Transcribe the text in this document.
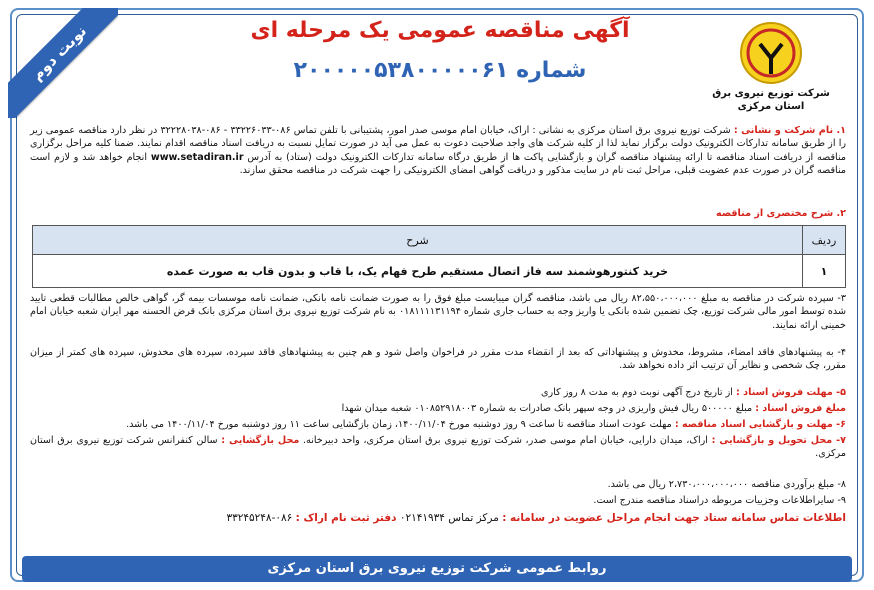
نوبت دوم	آگهی مناقصه عمومی یک مرحله ای
شماره ۲۰۰۰۰۰۵۳۸۰۰۰۰۰۶۱
شرکت توزیع نیروی برق
استان مرکزی
۱. نام شرکت و نشانی : شرکت توزیع نیروی برق استان مرکزی به نشانی : اراک، خیابان امام موسی صدر امور، پشتیبانی با تلفن تماس ۰۸۶-۳۳۲۲۶۰۳۳ - ۰۸۶-۳۲۲۲۸۰۳۸ در نظر دارد مناقصه عمومی زیر را از طریق سامانه تدارکات الکترونیک دولت برگزار نماید لذا از کلیه شرکت های واجد صلاحیت دعوت به عمل می آید در صورت تمایل نسبت به دریافت اسناد مناقصه اقدام نمایند. ضمنا کلیه مراحل برگزاری مناقصه از دریافت اسناد مناقصه تا ارائه پیشنهاد مناقصه گران و بازگشایی پاکت ها از طریق درگاه سامانه تدارکات الکترونیک دولت (ستاد) به آدرس www.setadiran.ir انجام خواهد شد و لازم است مناقصه گران در صورت عدم عضویت قبلی، مراحل ثبت نام در سایت مذکور و دریافت گواهی امضای الکترونیکی را جهت شرکت در مناقصه محقق سازند.
۲. شرح مختصری از مناقصه
ردیف	شرح
۱	خرید کنتورهوشمند سه فاز اتصال مستقیم طرح فهام یک، با قاب و بدون قاب به صورت عمده
۳- سپرده شرکت در مناقصه به مبلغ ۸۲،۵۵۰،۰۰۰،۰۰۰ ریال می باشد، مناقصه گران میبایست مبلغ فوق را به صورت ضمانت نامه بانکی، ضمانت نامه موسسات بیمه گر، گواهی خالص مطالبات قطعی تایید شده توسط امور مالی شرکت توزیع، چک تضمین شده بانکی یا واریز وجه به حساب جاری شماره ۰۱۸۱۱۱۱۳۱۱۹۴ به نام شرکت توزیع نیروی برق استان مرکزی بانک قرض الحسنه مهر ایران شعبه خیابان امام خمینی ارائه نمایند.
۴- به پیشنهادهای فاقد امضاء، مشروط، مخدوش و پیشنهاداتی که بعد از انقضاء مدت مقرر در فراخوان واصل شود و هم چنین به پیشنهادهای فاقد سپرده، سپرده های مخدوش، سپرده های کمتر از میزان مقرر، چک شخصی و نظایر آن ترتیب اثر داده نخواهد شد.
۵- مهلت فروش اسناد : از تاریخ درج آگهی نوبت دوم به مدت ۸ روز کاری
مبلغ فروش اسناد : مبلغ ۵۰۰۰۰۰ ریال فیش واریزی در وجه سپهر بانک صادرات به شماره ۰۱۰۸۵۲۹۱۸۰۰۳ شعبه میدان شهدا
۶- مهلت و بازگشایی اسناد مناقصه : مهلت عودت اسناد مناقصه تا ساعت ۹ روز دوشنبه مورخ ۱۴۰۰/۱۱/۰۴، زمان بازگشایی ساعت ۱۱ روز دوشنبه مورخ ۱۴۰۰/۱۱/۰۴ می باشد.
۷- محل تحویل و بازگشایی : اراک، میدان دارایی، خیابان امام موسی صدر، شرکت توزیع نیروی برق استان مرکزی، واحد دبیرخانه. محل بازگشایی : سالن کنفرانس شرکت توزیع نیروی برق استان مرکزی.
۸- مبلغ برآوردی مناقصه ۲،۷۳۰،۰۰۰،۰۰۰،۰۰۰ ریال می باشد.
۹- سایراطلاعات وجزییات مربوطه دراسناد مناقصه مندرج است.
اطلاعات تماس سامانه ستاد جهت انجام مراحل عضویت در سامانه : مرکز تماس ۰۲۱۴۱۹۳۴ دفتر ثبت نام اراک : ۰۸۶-۳۳۲۴۵۲۴۸
روابط عمومی شرکت توزیع نیروی برق استان مرکزی
